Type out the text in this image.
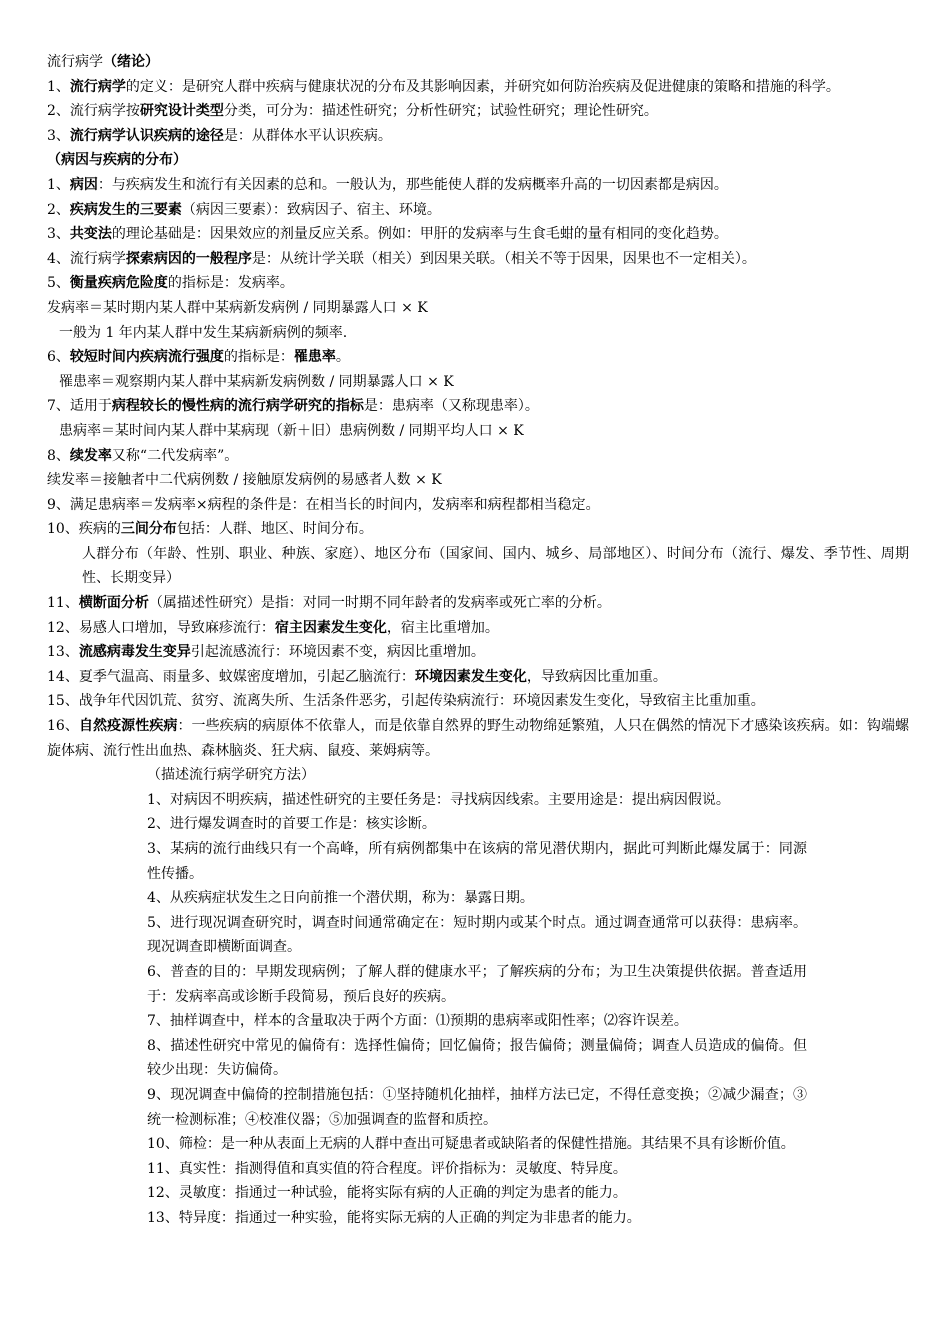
流行病学（绪论）

1、流行病学的定义：是研究人群中疾病与健康状况的分布及其影响因素，并研究如何防治疾病及促进健康的策略和措施的科学。

2、流行病学按研究设计类型分类，可分为：描述性研究；分析性研究；试验性研究；理论性研究。

3、流行病学认识疾病的途径是：从群体水平认识疾病。

（病因与疾病的分布）

1、病因：与疾病发生和流行有关因素的总和。一般认为，那些能使人群的发病概率升高的一切因素都是病因。

2、疾病发生的三要素（病因三要素）：致病因子、宿主、环境。

3、共变法的理论基础是：因果效应的剂量反应关系。例如：甲肝的发病率与生食毛蚶的量有相同的变化趋势。

4、流行病学探索病因的一般程序是：从统计学关联（相关）到因果关联。（相关不等于因果，因果也不一定相关）。

5、衡量疾病危险度的指标是：发病率。

发病率＝某时期内某人群中某病新发病例 / 同期暴露人口 × K

一般为 1 年内某人群中发生某病新病例的频率.

6、较短时间内疾病流行强度的指标是：罹患率。

罹患率＝观察期内某人群中某病新发病例数 / 同期暴露人口 × K

7、适用于病程较长的慢性病的流行病学研究的指标是：患病率（又称现患率）。

患病率＝某时间内某人群中某病现（新＋旧）患病例数 / 同期平均人口 × K

8、续发率又称“二代发病率”。

续发率＝接触者中二代病例数 / 接触原发病例的易感者人数 × K

9、满足患病率＝发病率×病程的条件是：在相当长的时间内，发病率和病程都相当稳定。

10、疾病的三间分布包括：人群、地区、时间分布。

人群分布（年龄、性别、职业、种族、家庭）、地区分布（国家间、国内、城乡、局部地区）、时间分布（流行、爆发、季节性、周期性、长期变异）

11、横断面分析（属描述性研究）是指：对同一时期不同年龄者的发病率或死亡率的分析。

12、易感人口增加，导致麻疹流行：宿主因素发生变化，宿主比重增加。

13、流感病毒发生变异引起流感流行：环境因素不变，病因比重增加。

14、夏季气温高、雨量多、蚊媒密度增加，引起乙脑流行：环境因素发生变化，导致病因比重加重。

15、战争年代因饥荒、贫穷、流离失所、生活条件恶劣，引起传染病流行：环境因素发生变化，导致宿主比重加重。

16、自然疫源性疾病：一些疾病的病原体不依靠人，而是依靠自然界的野生动物绵延繁殖，人只在偶然的情况下才感染该疾病。如：钩端螺旋体病、流行性出血热、森林脑炎、狂犬病、鼠疫、莱姆病等。

（描述流行病学研究方法）

1、对病因不明疾病，描述性研究的主要任务是：寻找病因线索。主要用途是：提出病因假说。

2、进行爆发调查时的首要工作是：核实诊断。

3、某病的流行曲线只有一个高峰，所有病例都集中在该病的常见潜伏期内，据此可判断此爆发属于：同源性传播。

4、从疾病症状发生之日向前推一个潜伏期，称为：暴露日期。

5、进行现况调查研究时，调查时间通常确定在：短时期内或某个时点。通过调查通常可以获得：患病率。现况调查即横断面调查。

6、普查的目的：早期发现病例；了解人群的健康水平；了解疾病的分布；为卫生决策提供依据。普查适用于：发病率高或诊断手段简易，预后良好的疾病。

7、抽样调查中，样本的含量取决于两个方面：⑴预期的患病率或阳性率；⑵容许误差。

8、描述性研究中常见的偏倚有：选择性偏倚；回忆偏倚；报告偏倚；测量偏倚；调查人员造成的偏倚。但较少出现：失访偏倚。

9、现况调查中偏倚的控制措施包括：①坚持随机化抽样，抽样方法已定，不得任意变换；②减少漏查；③统一检测标准；④校准仪器；⑤加强调查的监督和质控。

10、筛检：是一种从表面上无病的人群中查出可疑患者或缺陷者的保健性措施。其结果不具有诊断价值。

11、真实性：指测得值和真实值的符合程度。评价指标为：灵敏度、特异度。

12、灵敏度：指通过一种试验，能将实际有病的人正确的判定为患者的能力。

13、特异度：指通过一种实验，能将实际无病的人正确的判定为非患者的能力。
